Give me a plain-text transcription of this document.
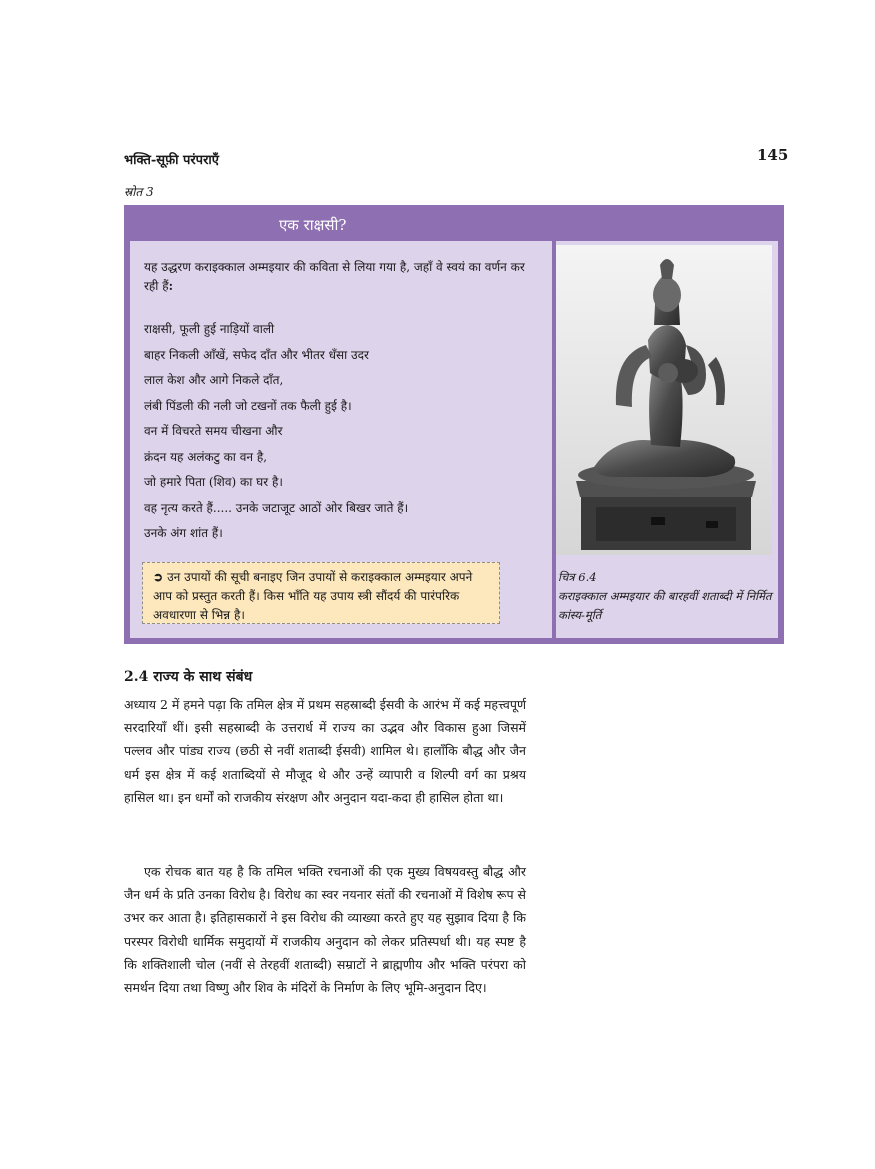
भक्ति-सूफ़ी परंपराएँ	145
स्रोत 3
एक राक्षसी?
यह उद्धरण कराइक्काल अम्मइयार की कविता से लिया गया है, जहाँ वे स्वयं का वर्णन कर रही हैं:
राक्षसी, फूली हुई नाड़ियों वाली
बाहर निकली आँखें, सफेद दाँत और भीतर धँसा उदर
लाल केश और आगे निकले दाँत,
लंबी पिंडली की नली जो टखनों तक फैली हुई है।
वन में विचरते समय चीखना और
क्रंदन यह अलंकटु का वन है,
जो हमारे पिता (शिव) का घर है।
वह नृत्य करते हैं..... उनके जटाजूट आठों ओर बिखर जाते हैं।
उनके अंग शांत हैं।
➲ उन उपायों की सूची बनाइए जिन उपायों से कराइक्काल अम्मइयार अपने आप को प्रस्तुत करती हैं। किस भाँति यह उपाय स्त्री सौंदर्य की पारंपरिक अवधारणा से भिन्न है।
चित्र 6.4
कराइक्काल अम्मइयार की बारहवीं शताब्दी में निर्मित कांस्य-मूर्ति
2.4 राज्य के साथ संबंध
अध्याय 2 में हमने पढ़ा कि तमिल क्षेत्र में प्रथम सहस्राब्दी ईसवी के आरंभ में कई महत्त्वपूर्ण सरदारियाँ थीं। इसी सहस्राब्दी के उत्तरार्ध में राज्य का उद्भव और विकास हुआ जिसमें पल्लव और पांड्य राज्य (छठी से नवीं शताब्दी ईसवी) शामिल थे। हालाँकि बौद्ध और जैन धर्म इस क्षेत्र में कई शताब्दियों से मौजूद थे और उन्हें व्यापारी व शिल्पी वर्ग का प्रश्रय हासिल था। इन धर्मों को राजकीय संरक्षण और अनुदान यदा-कदा ही हासिल होता था।
एक रोचक बात यह है कि तमिल भक्ति रचनाओं की एक मुख्य विषयवस्तु बौद्ध और जैन धर्म के प्रति उनका विरोध है। विरोध का स्वर नयनार संतों की रचनाओं में विशेष रूप से उभर कर आता है। इतिहासकारों ने इस विरोध की व्याख्या करते हुए यह सुझाव दिया है कि परस्पर विरोधी धार्मिक समुदायों में राजकीय अनुदान को लेकर प्रतिस्पर्धा थी। यह स्पष्ट है कि शक्तिशाली चोल (नवीं से तेरहवीं शताब्दी) सम्राटों ने ब्राह्मणीय और भक्ति परंपरा को समर्थन दिया तथा विष्णु और शिव के मंदिरों के निर्माण के लिए भूमि-अनुदान दिए।
